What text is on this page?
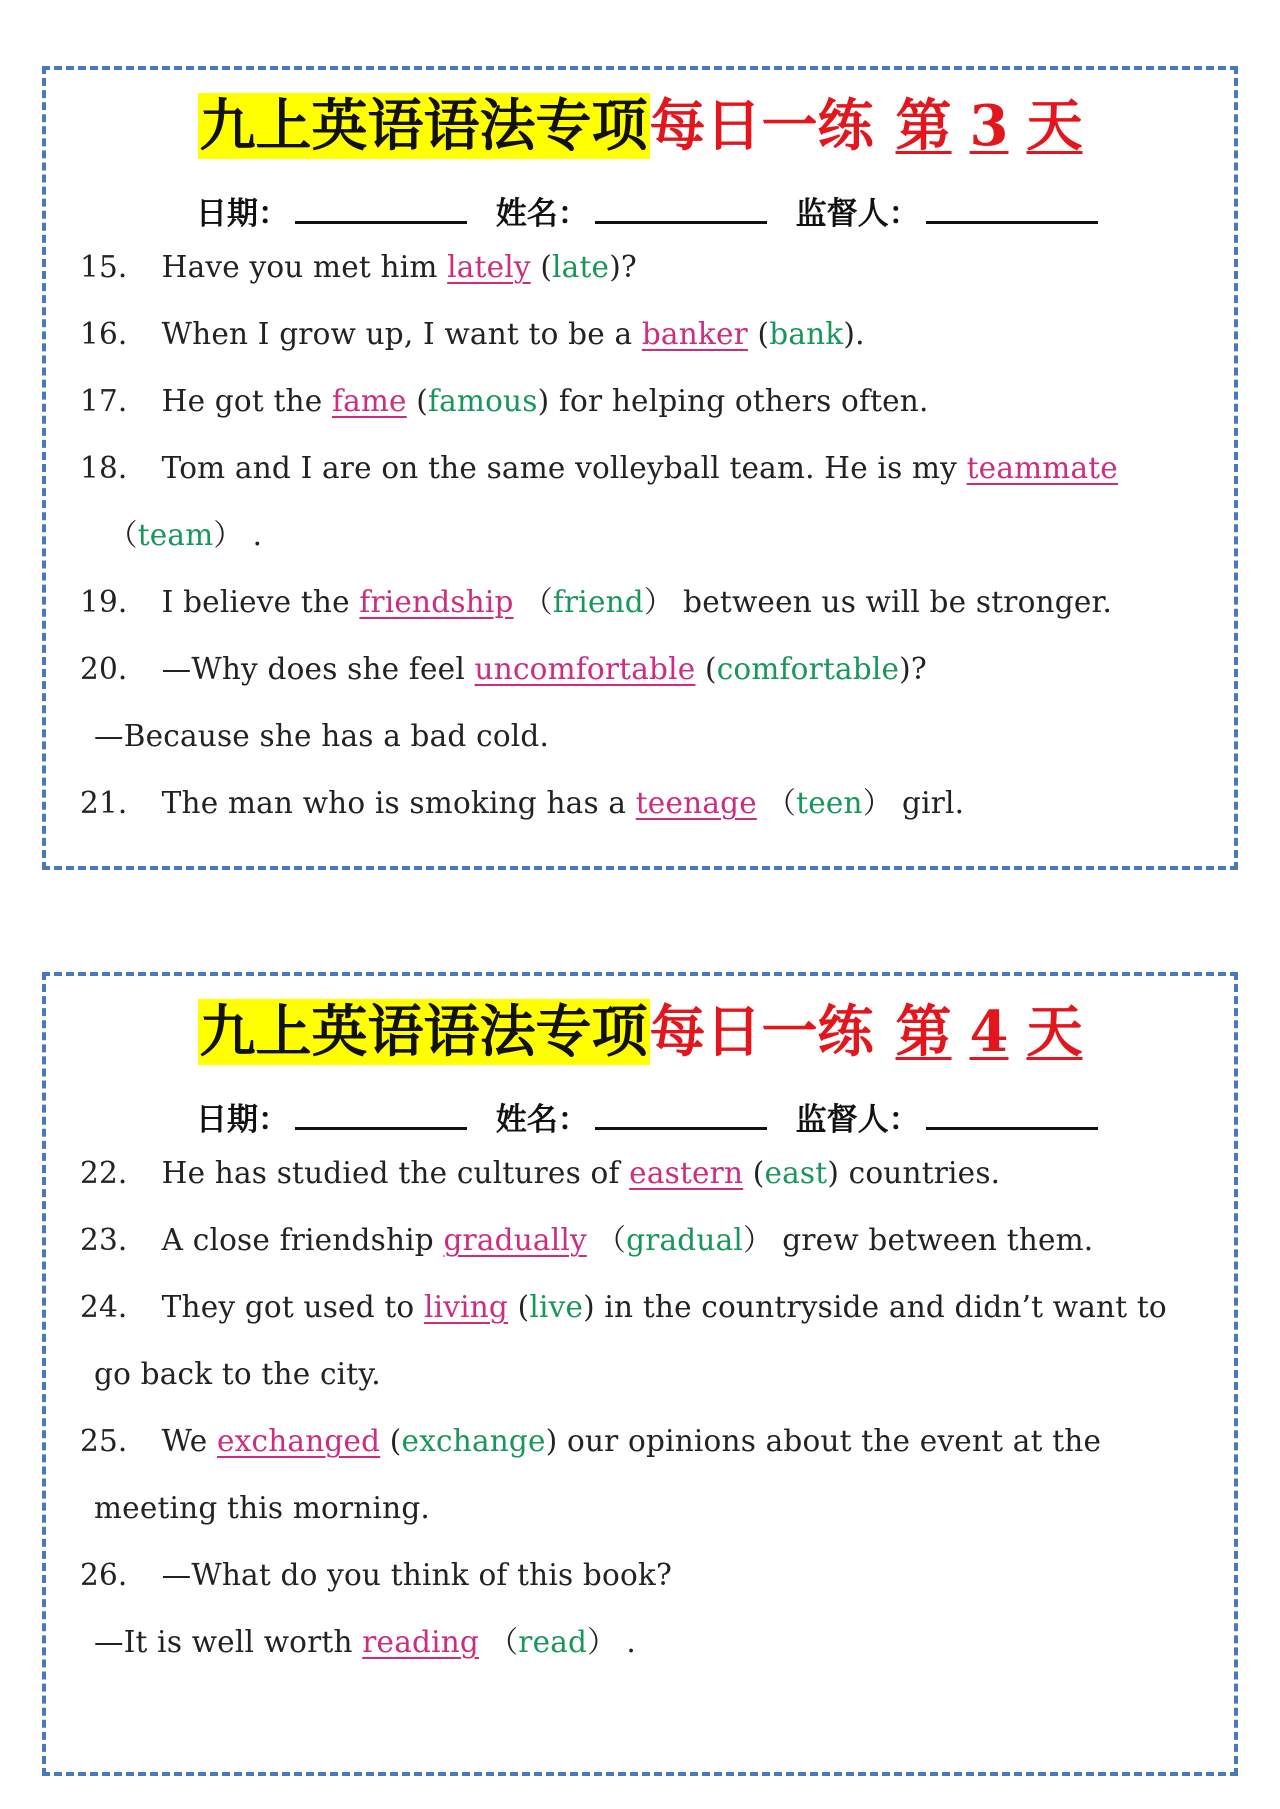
九上英语语法专项每日一练 第 3 天
日期：	姓名：	监督人：
15． Have you met him lately (late)?
16． When I grow up, I want to be a banker (bank).
17． He got the fame (famous) for helping others often.
18． Tom and I are on the same volleyball team. He is my teammate
（team） .
19． I believe the friendship （friend） between us will be stronger.
20． —Why does she feel uncomfortable (comfortable)?
—Because she has a bad cold.
21． The man who is smoking has a teenage （teen） girl.
九上英语语法专项每日一练 第 4 天
日期：	姓名：	监督人：
22． He has studied the cultures of eastern (east) countries.
23． A close friendship gradually （gradual） grew between them.
24． They got used to living (live) in the countryside and didn’t want to
go back to the city.
25． We exchanged (exchange) our opinions about the event at the
meeting this morning.
26． —What do you think of this book?
—It is well worth reading （read） .
